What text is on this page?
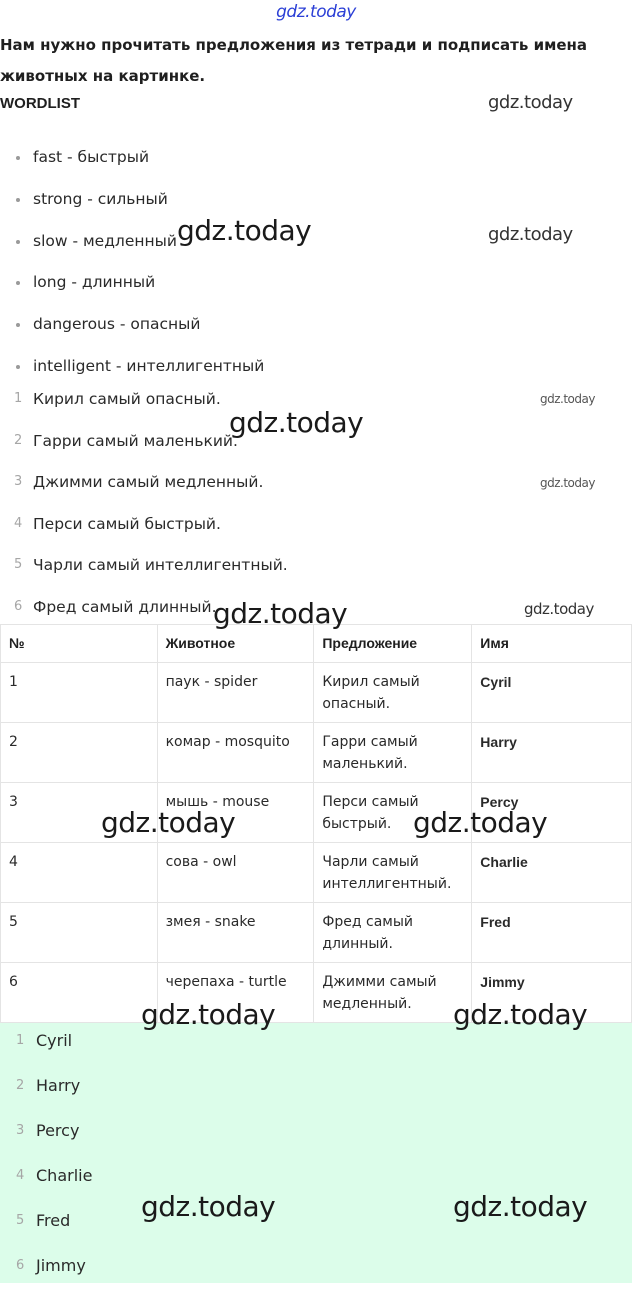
gdz.today
Нам нужно прочитать предложения из тетради и подписать имена животных на картинке.
WORDLIST
fast - быстрый
strong - сильный
slow - медленный
long - длинный
dangerous - опасный
intelligent - интеллигентный
1 Кирил самый опасный.
2 Гарри самый маленький.
3 Джимми самый медленный.
4 Перси самый быстрый.
5 Чарли самый интеллигентный.
6 Фред самый длинный.
№	Животное	Предложение	Имя
1	паук - spider	Кирил самый опасный.	Cyril
2	комар - mosquito	Гарри самый маленький.	Harry
3	мышь - mouse	Перси самый быстрый.	Percy
4	сова - owl	Чарли самый интеллигентный.	Charlie
5	змея - snake	Фред самый длинный.	Fred
6	черепаха - turtle	Джимми самый медленный.	Jimmy
1 Cyril
2 Harry
3 Percy
4 Charlie
5 Fred
6 Jimmy
gdz.today
gdz.today	gdz.today
gdz.today
gdz.today
gdz.today
gdz.today	gdz.today
gdz.today	gdz.today
gdz.today	gdz.today
gdz.today	gdz.today
